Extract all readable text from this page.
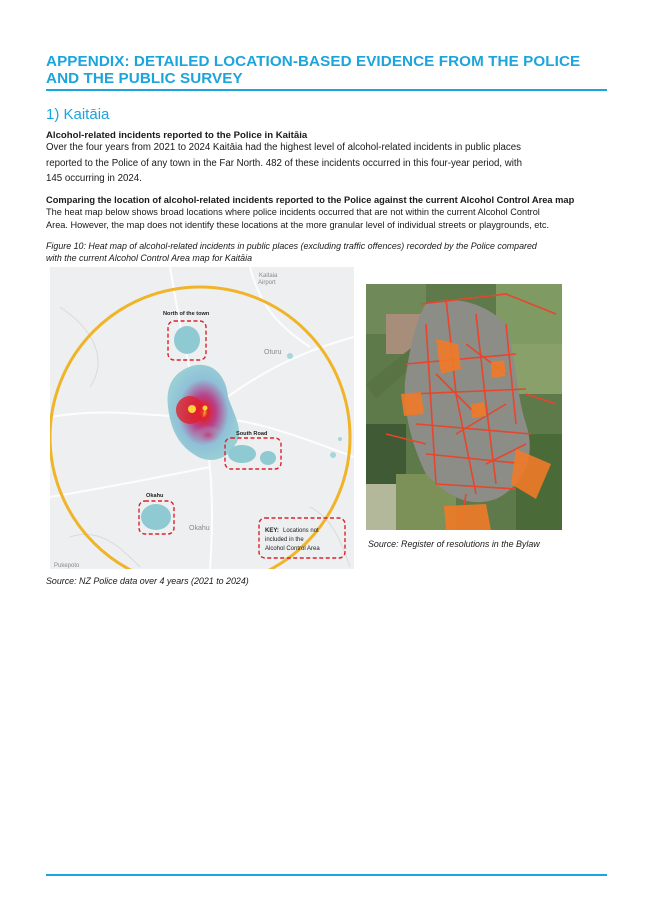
APPENDIX: DETAILED LOCATION-BASED EVIDENCE FROM THE POLICE
AND THE PUBLIC SURVEY
1) Kaitāia
Alcohol-related incidents reported to the Police in Kaitāia
Over the four years from 2021 to 2024 Kaitāia had the highest level of alcohol-related incidents in public places
reported to the Police of any town in the Far North. 482 of these incidents occurred in this four-year period, with
145 occurring in 2024.
Comparing the location of alcohol-related incidents reported to the Police against the current Alcohol Control Area map
The heat map below shows broad locations where police incidents occurred that are not within the current Alcohol Control
Area. However, the map does not identify these locations at the more granular level of individual streets or playgrounds, etc.
Figure 10: Heat map of alcohol-related incidents in public places (excluding traffic offences) recorded by the Police compared
with the current Alcohol Control Area map for Kaitāia
Kaitaia
Airport
North of the town
Oturu
South Road
Okahu
Okahu
Pukepoto
KEY: Locations not
included in the
Alcohol Control Area	Source: Register of resolutions in the Bylaw
Source: NZ Police data over 4 years (2021 to 2024)
